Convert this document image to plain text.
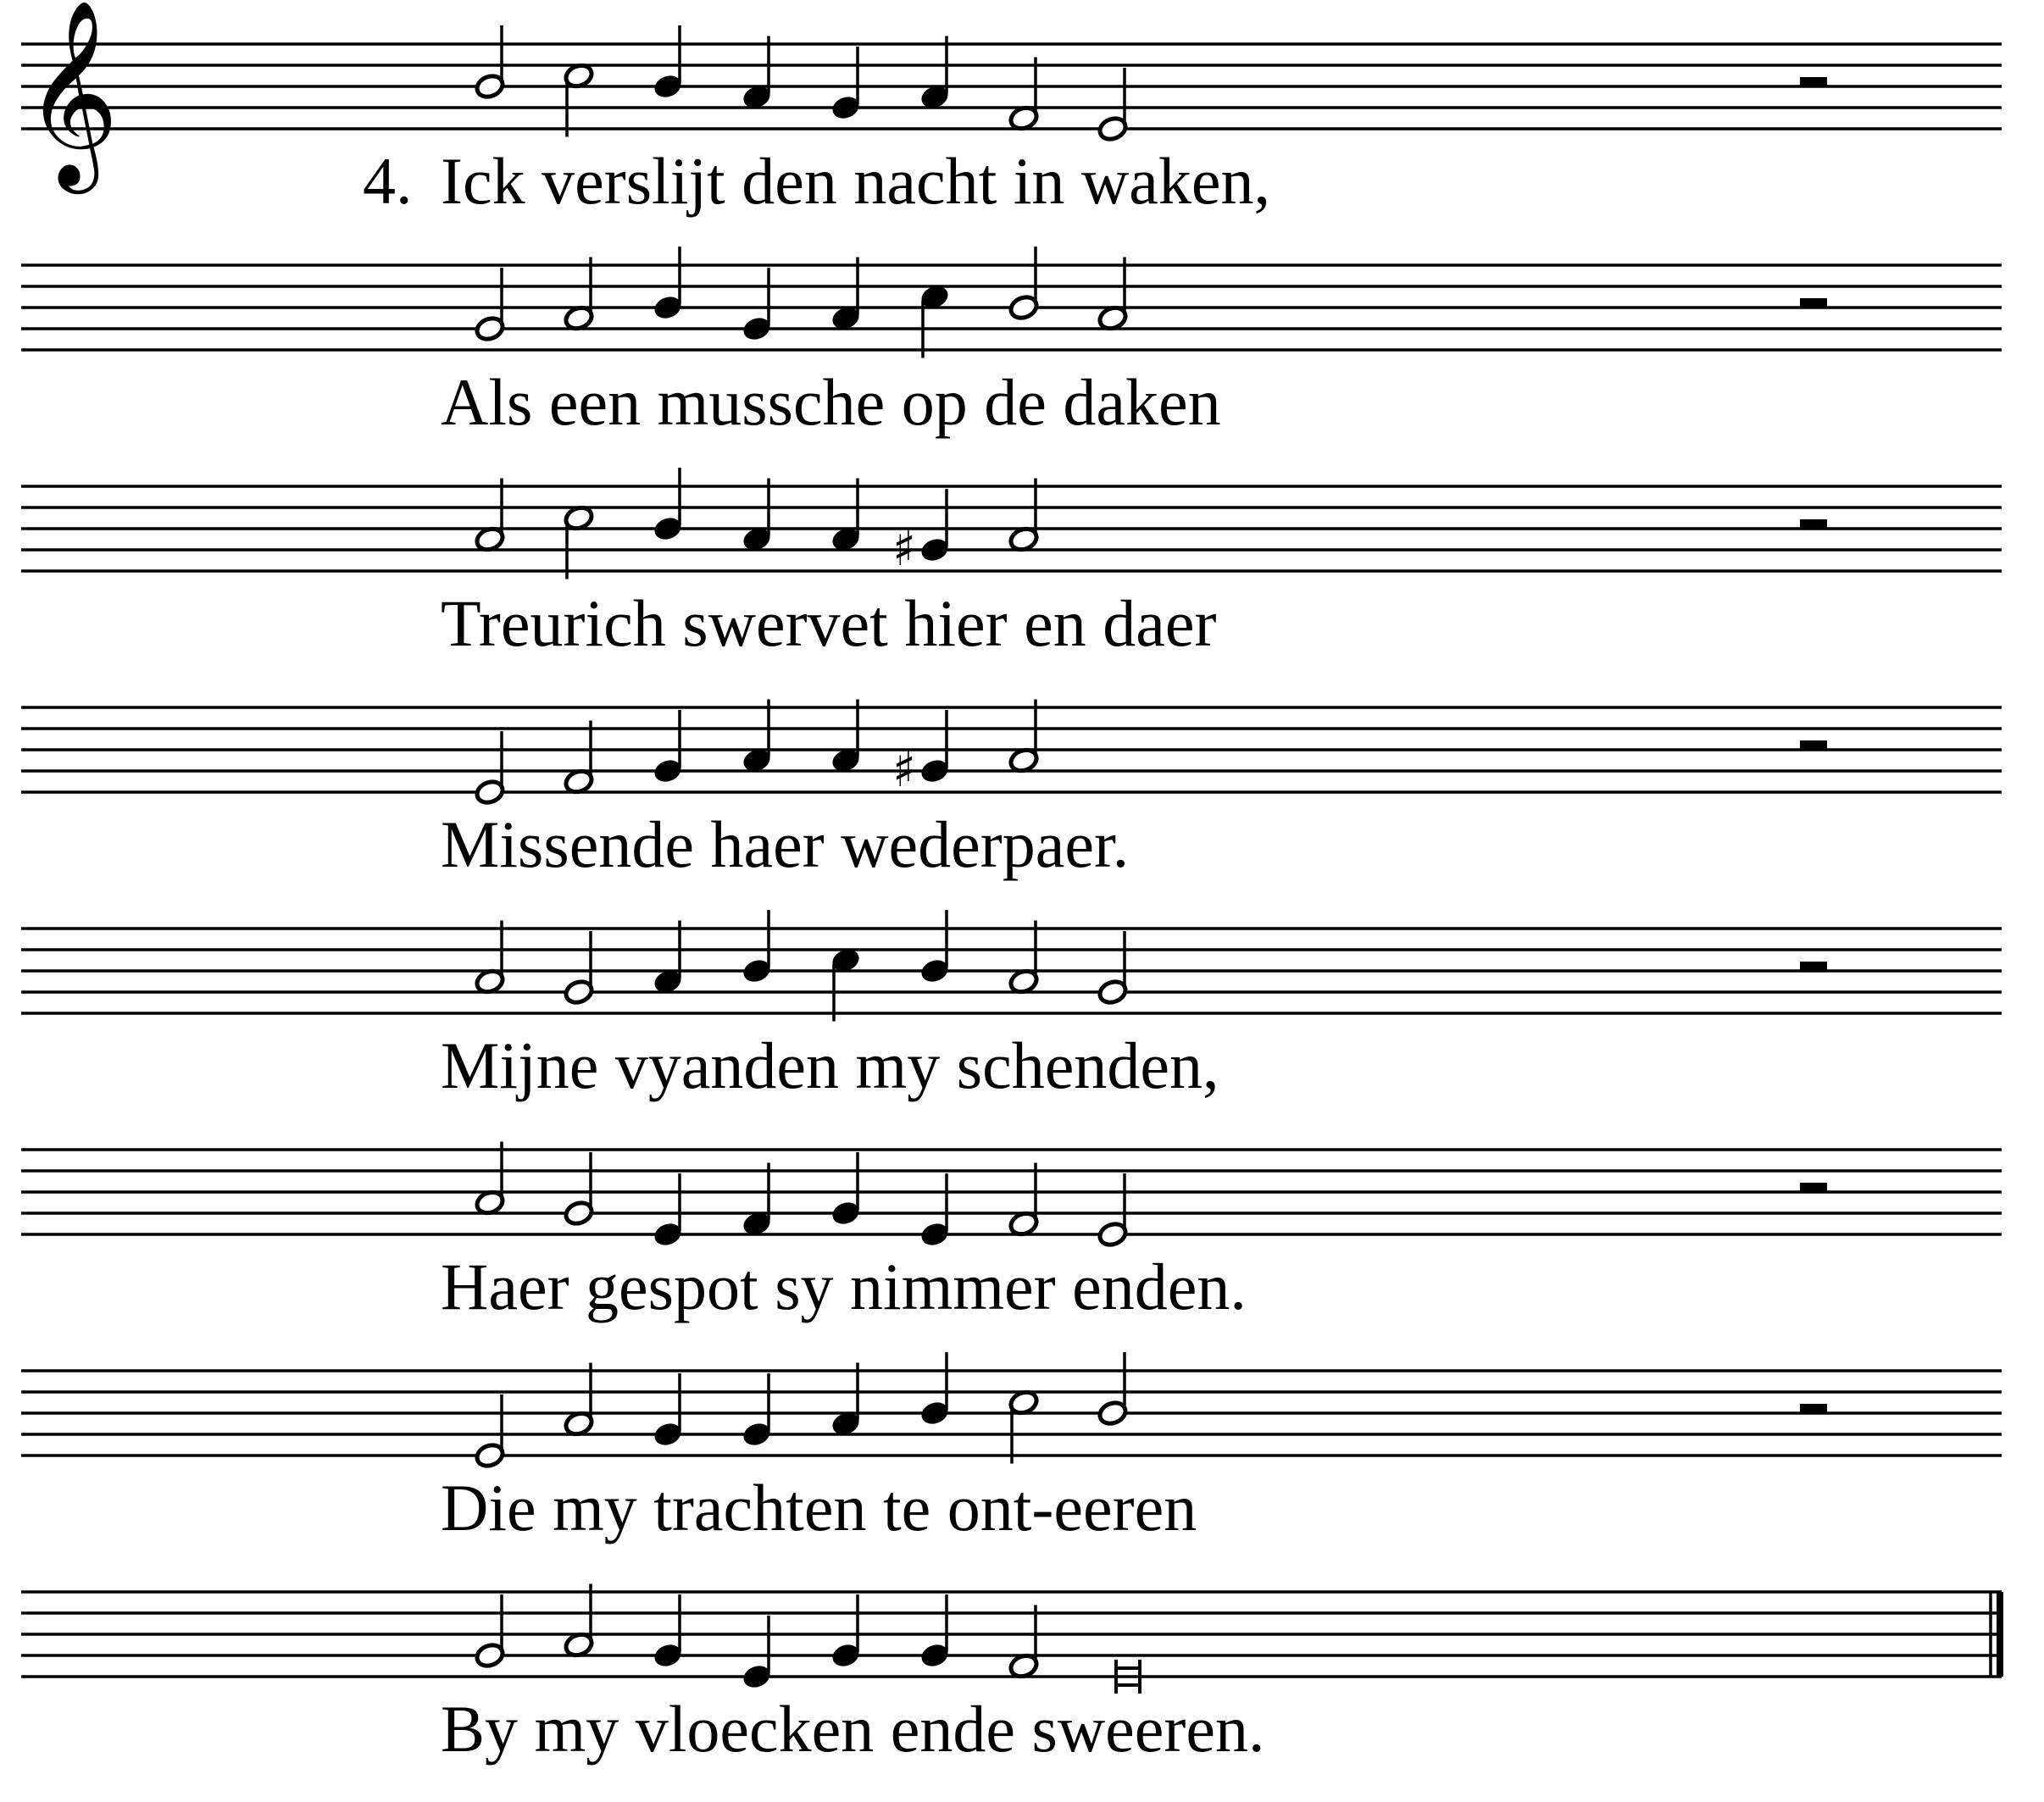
𝄞	4. Ick verslijt den nacht in waken,
Als een mussche op de daken
♯
Treurich swervet hier en daer
♯
Missende haer wederpaer.
Mijne vyanden my schenden,
Haer gespot sy nimmer enden.
Die my trachten te ont-eeren
By my vloecken ende sweeren.
